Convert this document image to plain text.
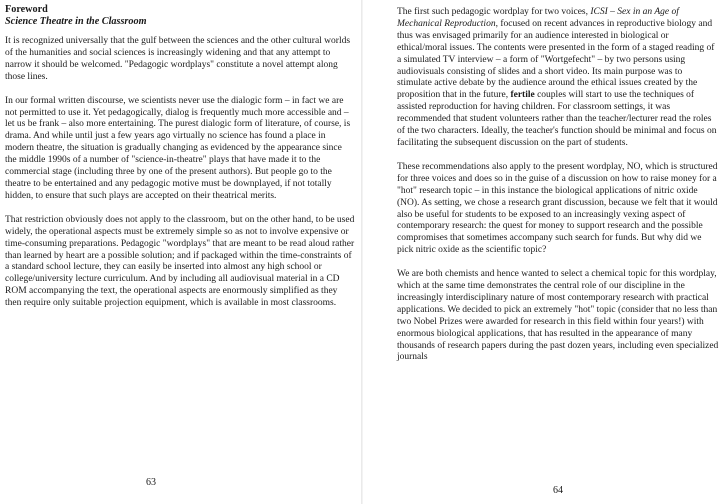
Foreword
Science Theatre in the Classroom

It is recognized universally that the gulf between the sciences and the other cultural worlds of the humanities and social sciences is increasingly widening and that any attempt to narrow it should be welcomed. "Pedagogic wordplays" constitute a novel attempt along those lines.

In our formal written discourse, we scientists never use the dialogic form – in fact we are not permitted to use it. Yet pedagogically, dialog is frequently much more accessible and – let us be frank – also more entertaining. The purest dialogic form of literature, of course, is drama. And while until just a few years ago virtually no science has found a place in modern theatre, the situation is gradually changing as evidenced by the appearance since the middle 1990s of a number of "science-in-theatre" plays that have made it to the commercial stage (including three by one of the present authors). But people go to the theatre to be entertained and any pedagogic motive must be downplayed, if not totally hidden, to ensure that such plays are accepted on their theatrical merits.

That restriction obviously does not apply to the classroom, but on the other hand, to be used widely, the operational aspects must be extremely simple so as not to involve expensive or time-consuming preparations. Pedagogic "wordplays" that are meant to be read aloud rather than learned by heart are a possible solution; and if packaged within the time-constraints of a standard school lecture, they can easily be inserted into almost any high school or college/university lecture curriculum. And by including all audiovisual material in a CD ROM accompanying the text, the operational aspects are enormously simplified as they then require only suitable projection equipment, which is available in most classrooms.

63

The first such pedagogic wordplay for two voices, ICSI – Sex in an Age of Mechanical Reproduction, focused on recent advances in reproductive biology and thus was envisaged primarily for an audience interested in biological or ethical/moral issues. The contents were presented in the form of a staged reading of a simulated TV interview – a form of "Wortgefecht" – by two persons using audiovisuals consisting of slides and a short video. Its main purpose was to stimulate active debate by the audience around the ethical issues created by the proposition that in the future, fertile couples will start to use the techniques of assisted reproduction for having children. For classroom settings, it was recommended that student volunteers rather than the teacher/lecturer read the roles of the two characters. Ideally, the teacher's function should be minimal and focus on facilitating the subsequent discussion on the part of students.

These recommendations also apply to the present wordplay, NO, which is structured for three voices and does so in the guise of a discussion on how to raise money for a "hot" research topic – in this instance the biological applications of nitric oxide (NO). As setting, we chose a research grant discussion, because we felt that it would also be useful for students to be exposed to an increasingly vexing aspect of contemporary research: the quest for money to support research and the possible compromises that sometimes accompany such search for funds. But why did we pick nitric oxide as the scientific topic?

We are both chemists and hence wanted to select a chemical topic for this wordplay, which at the same time demonstrates the central role of our discipline in the increasingly interdisciplinary nature of most contemporary research with practical applications. We decided to pick an extremely "hot" topic (consider that no less than two Nobel Prizes were awarded for research in this field within four years!) with enormous biological applications, that has resulted in the appearance of many thousands of research papers during the past dozen years, including even specialized journals

64
